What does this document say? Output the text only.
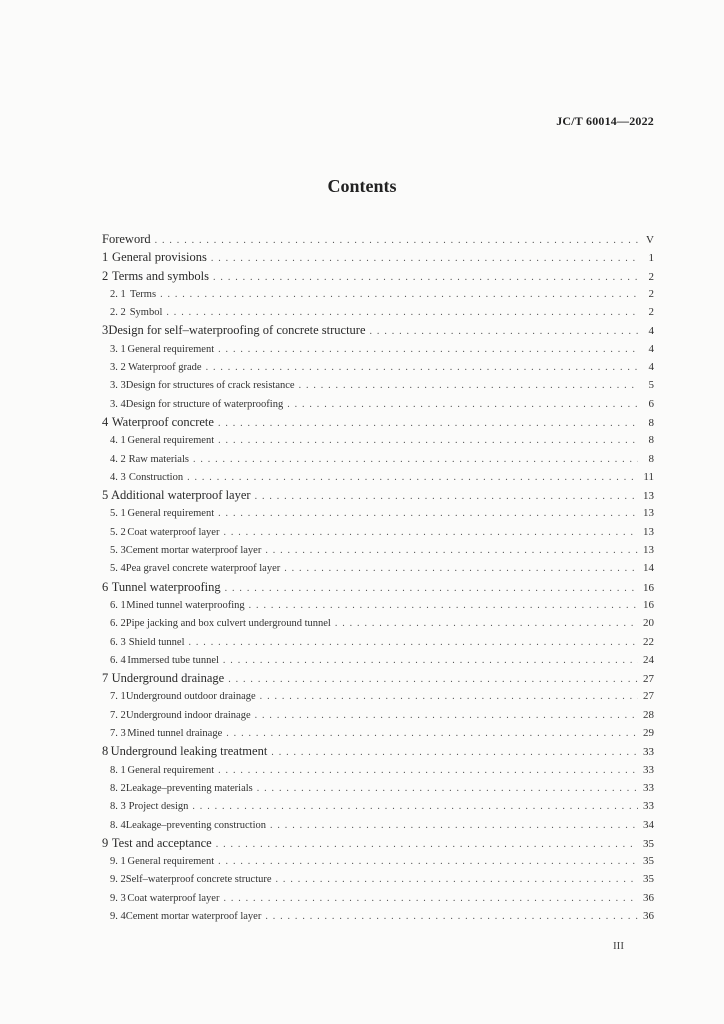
JC/T 60014—2022
Contents
Foreword . . .	V
1 General provisions . . .	1
2 Terms and symbols . . .	2
2. 1 Terms . . .	2
2. 2 Symbol . . .	2
3 Design for self–waterproofing of concrete structure . . .	4
3. 1 General requirement . . .	4
3. 2 Waterproof grade . . .	4
3. 3 Design for structures of crack resistance . . .	5
3. 4 Design for structure of waterproofing . . .	6
4 Waterproof concrete . . .	8
4. 1 General requirement . . .	8
4. 2 Raw materials . . .	8
4. 3 Construction . . .	11
5 Additional waterproof layer . . .	13
5. 1 General requirement . . .	13
5. 2 Coat waterproof layer . . .	13
5. 3 Cement mortar waterproof layer . . .	13
5. 4 Pea gravel concrete waterproof layer . . .	14
6 Tunnel waterproofing . . .	16
6. 1 Mined tunnel waterproofing . . .	16
6. 2 Pipe jacking and box culvert underground tunnel . . .	20
6. 3 Shield tunnel . . .	22
6. 4 Immersed tube tunnel . . .	24
7 Underground drainage . . .	27
7. 1 Underground outdoor drainage . . .	27
7. 2 Underground indoor drainage . . .	28
7. 3 Mined tunnel drainage . . .	29
8 Underground leaking treatment . . .	33
8. 1 General requirement . . .	33
8. 2 Leakage–preventing materials . . .	33
8. 3 Project design . . .	33
8. 4 Leakage–preventing construction . . .	34
9 Test and acceptance . . .	35
9. 1 General requirement . . .	35
9. 2 Self–waterproof concrete structure . . .	35
9. 3 Coat waterproof layer . . .	36
9. 4 Cement mortar waterproof layer . . .	36
III
